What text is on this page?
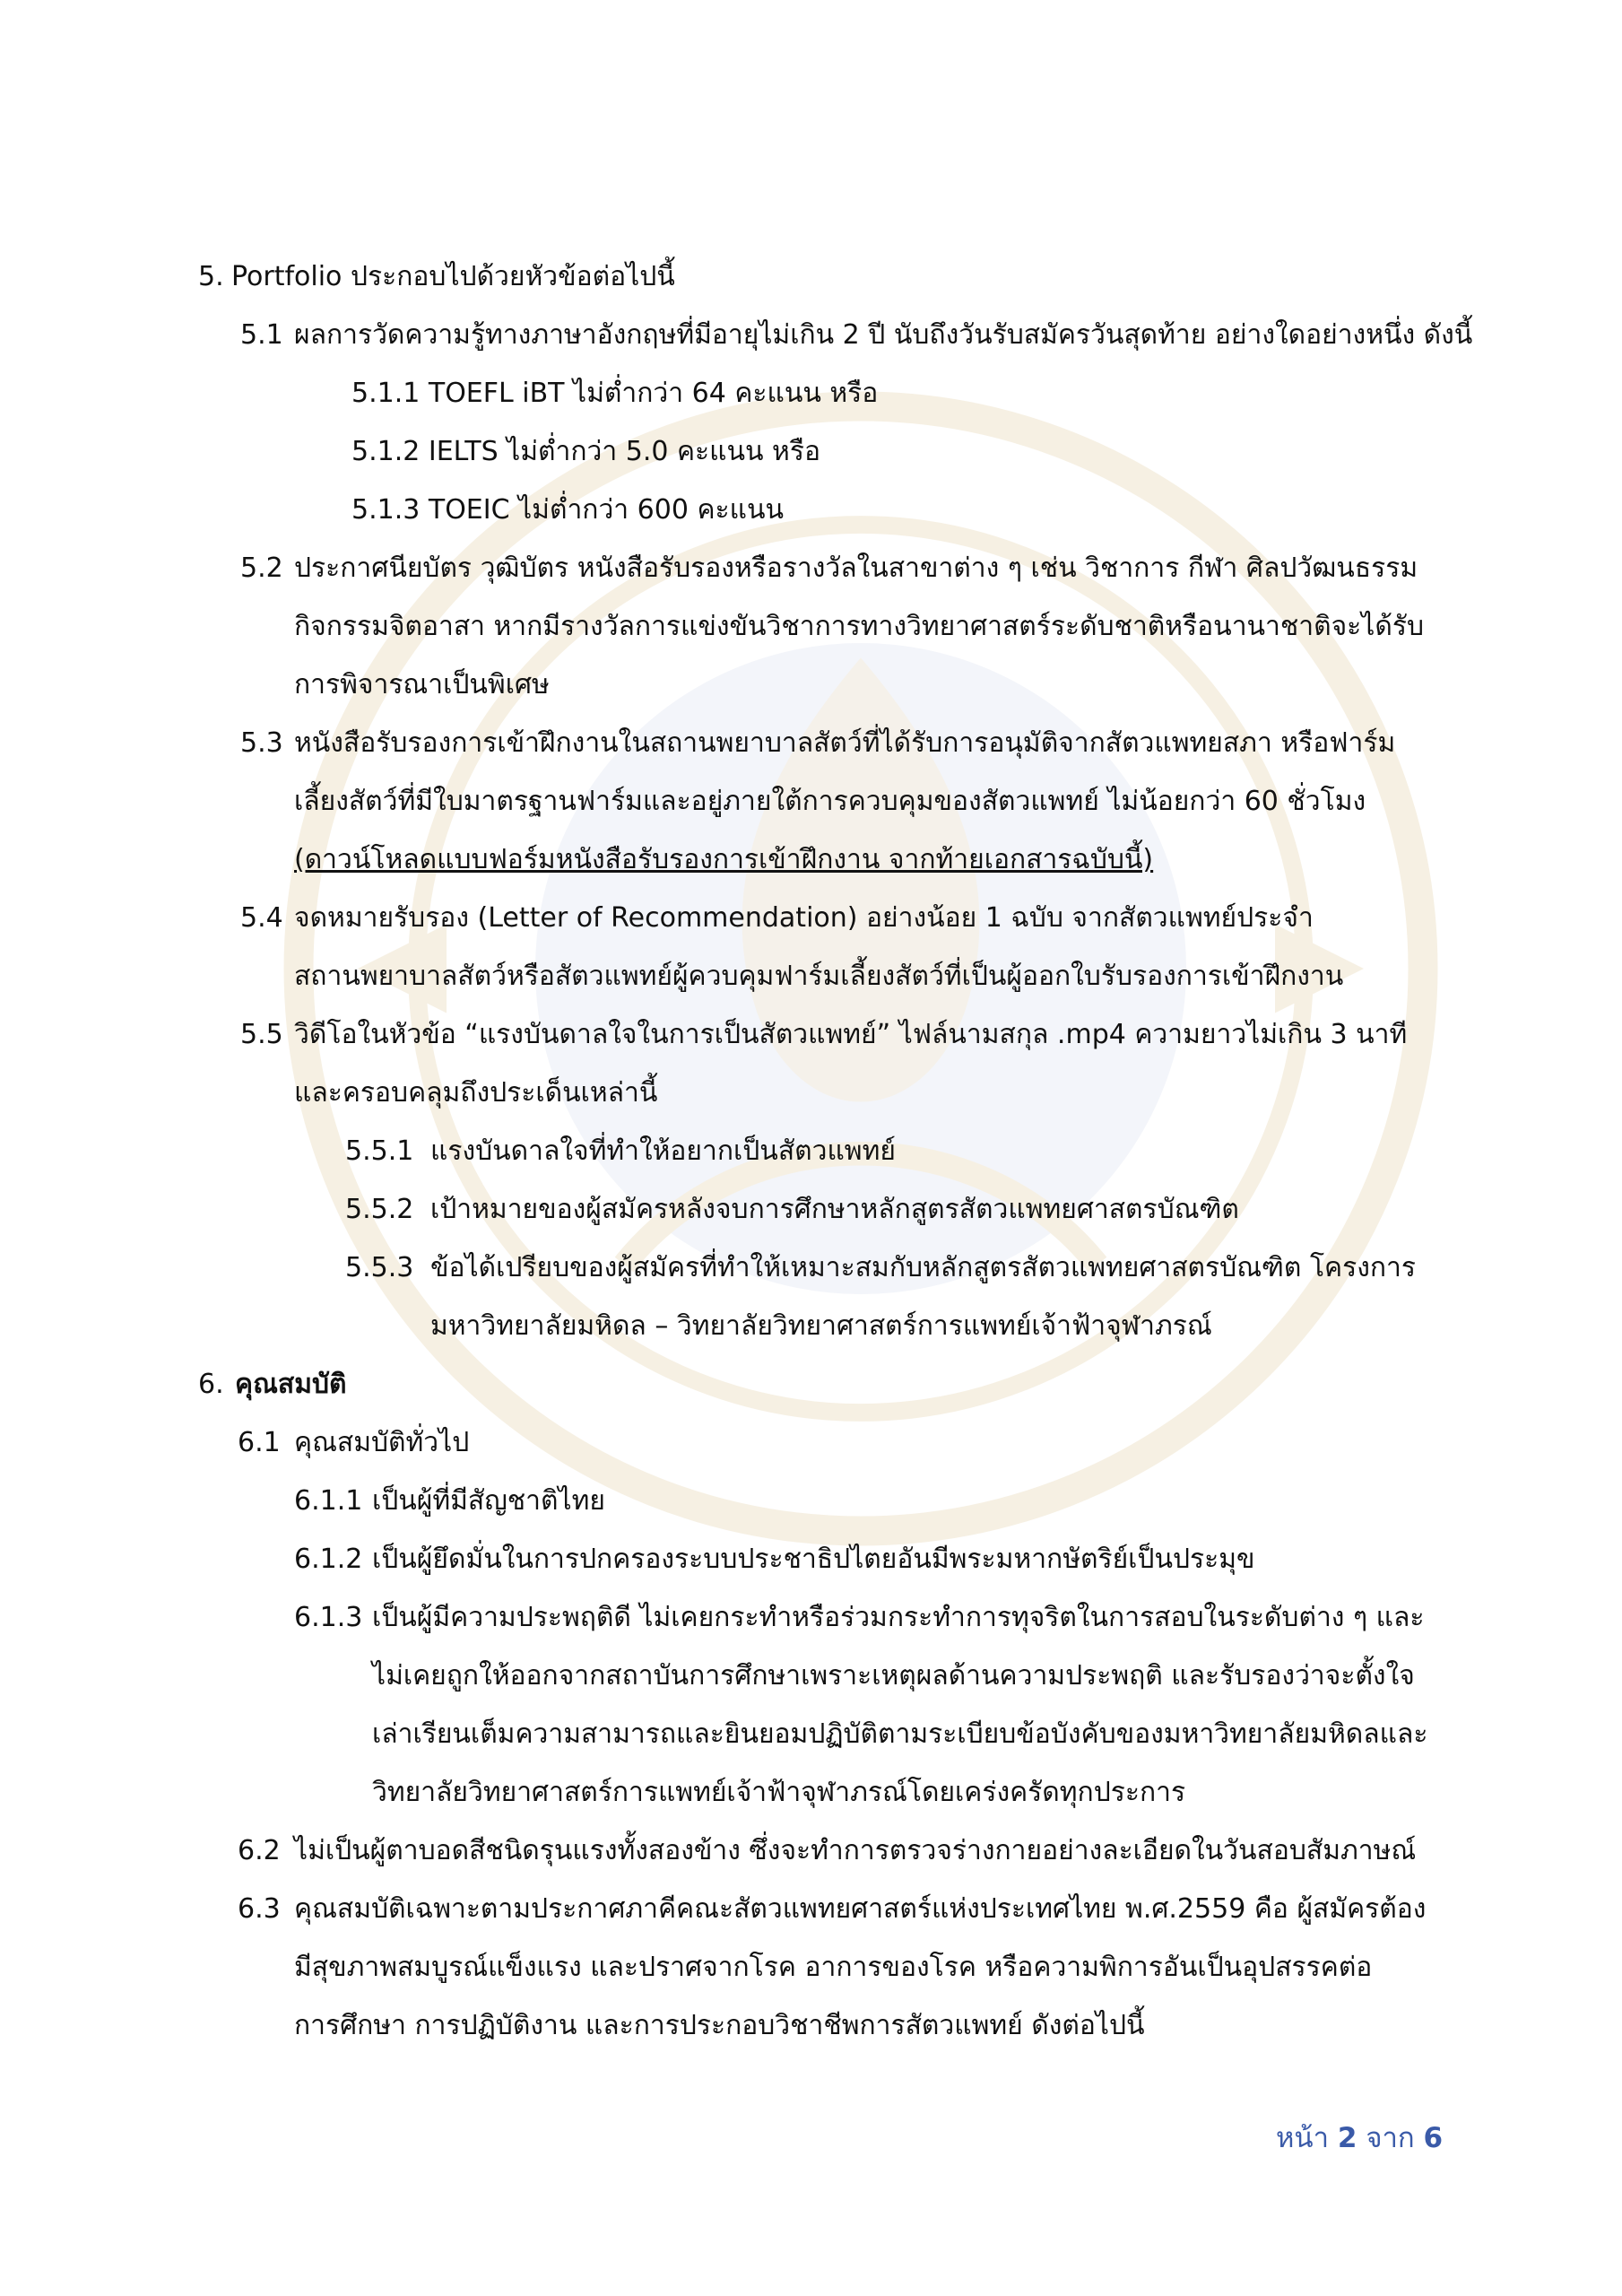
5. Portfolio ประกอบไปด้วยหัวข้อต่อไปนี้
5.1 ผลการวัดความรู้ทางภาษาอังกฤษที่มีอายุไม่เกิน 2 ปี นับถึงวันรับสมัครวันสุดท้าย อย่างใดอย่างหนึ่ง ดังนี้
5.1.1 TOEFL iBT ไม่ต่ำกว่า 64 คะแนน หรือ
5.1.2 IELTS ไม่ต่ำกว่า 5.0 คะแนน หรือ
5.1.3 TOEIC ไม่ต่ำกว่า 600 คะแนน
5.2 ประกาศนียบัตร วุฒิบัตร หนังสือรับรองหรือรางวัลในสาขาต่าง ๆ เช่น วิชาการ กีฬา ศิลปวัฒนธรรม
กิจกรรมจิตอาสา หากมีรางวัลการแข่งขันวิชาการทางวิทยาศาสตร์ระดับชาติหรือนานาชาติจะได้รับ
การพิจารณาเป็นพิเศษ
5.3 หนังสือรับรองการเข้าฝึกงานในสถานพยาบาลสัตว์ที่ได้รับการอนุมัติจากสัตวแพทยสภา หรือฟาร์ม
เลี้ยงสัตว์ที่มีใบมาตรฐานฟาร์มและอยู่ภายใต้การควบคุมของสัตวแพทย์ ไม่น้อยกว่า 60 ชั่วโมง
(ดาวน์โหลดแบบฟอร์มหนังสือรับรองการเข้าฝึกงาน จากท้ายเอกสารฉบับนี้)
5.4 จดหมายรับรอง (Letter of Recommendation) อย่างน้อย 1 ฉบับ จากสัตวแพทย์ประจำ
สถานพยาบาลสัตว์หรือสัตวแพทย์ผู้ควบคุมฟาร์มเลี้ยงสัตว์ที่เป็นผู้ออกใบรับรองการเข้าฝึกงาน
5.5 วิดีโอในหัวข้อ “แรงบันดาลใจในการเป็นสัตวแพทย์” ไฟล์นามสกุล .mp4 ความยาวไม่เกิน 3 นาที
และครอบคลุมถึงประเด็นเหล่านี้
5.5.1 แรงบันดาลใจที่ทำให้อยากเป็นสัตวแพทย์
5.5.2 เป้าหมายของผู้สมัครหลังจบการศึกษาหลักสูตรสัตวแพทยศาสตรบัณฑิต
5.5.3 ข้อได้เปรียบของผู้สมัครที่ทำให้เหมาะสมกับหลักสูตรสัตวแพทยศาสตรบัณฑิต โครงการ
มหาวิทยาลัยมหิดล – วิทยาลัยวิทยาศาสตร์การแพทย์เจ้าฟ้าจุฬาภรณ์
6. คุณสมบัติ
6.1 คุณสมบัติทั่วไป
6.1.1 เป็นผู้ที่มีสัญชาติไทย
6.1.2 เป็นผู้ยึดมั่นในการปกครองระบบประชาธิปไตยอันมีพระมหากษัตริย์เป็นประมุข
6.1.3 เป็นผู้มีความประพฤติดี ไม่เคยกระทำหรือร่วมกระทำการทุจริตในการสอบในระดับต่าง ๆ และ
ไม่เคยถูกให้ออกจากสถาบันการศึกษาเพราะเหตุผลด้านความประพฤติ และรับรองว่าจะตั้งใจ
เล่าเรียนเต็มความสามารถและยินยอมปฏิบัติตามระเบียบข้อบังคับของมหาวิทยาลัยมหิดลและ
วิทยาลัยวิทยาศาสตร์การแพทย์เจ้าฟ้าจุฬาภรณ์โดยเคร่งครัดทุกประการ
6.2 ไม่เป็นผู้ตาบอดสีชนิดรุนแรงทั้งสองข้าง ซึ่งจะทำการตรวจร่างกายอย่างละเอียดในวันสอบสัมภาษณ์
6.3 คุณสมบัติเฉพาะตามประกาศภาคีคณะสัตวแพทยศาสตร์แห่งประเทศไทย พ.ศ.2559 คือ ผู้สมัครต้อง
มีสุขภาพสมบูรณ์แข็งแรง และปราศจากโรค อาการของโรค หรือความพิการอันเป็นอุปสรรคต่อ
การศึกษา การปฏิบัติงาน และการประกอบวิชาชีพการสัตวแพทย์ ดังต่อไปนี้
หน้า 2 จาก 6
